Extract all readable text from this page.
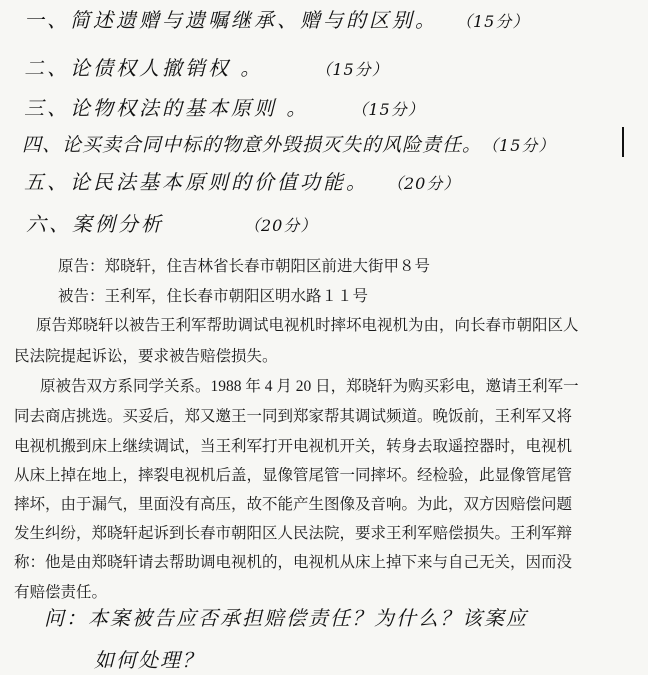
一、简述遗赠与遗嘱继承、赠与的区别。 （15分）
二、论债权人撤销权 。	（15分）
三、论物权法的基本原则 。	（15分）
四、论买卖合同中标的物意外毁损灭失的风险责任。 （15分）
五、论民法基本原则的价值功能。 （20分）
六、案例分析	（20分）
原告：郑晓轩，住吉林省长春市朝阳区前进大街甲８号
被告：王利军，住长春市朝阳区明水路１１号
原告郑晓轩以被告王利军帮助调试电视机时摔坏电视机为由，向长春市朝阳区人
民法院提起诉讼，要求被告赔偿损失。
原被告双方系同学关系。1988 年 4 月 20 日，郑晓轩为购买彩电，邀请王利军一
同去商店挑选。买妥后，郑又邀王一同到郑家帮其调试频道。晚饭前，王利军又将
电视机搬到床上继续调试，当王利军打开电视机开关，转身去取遥控器时，电视机
从床上掉在地上，摔裂电视机后盖，显像管尾管一同摔坏。经检验，此显像管尾管
摔坏，由于漏气，里面没有高压，故不能产生图像及音响。为此，双方因赔偿问题
发生纠纷，郑晓轩起诉到长春市朝阳区人民法院，要求王利军赔偿损失。王利军辩
称：他是由郑晓轩请去帮助调电视机的，电视机从床上掉下来与自己无关，因而没
有赔偿责任。
问：本案被告应否承担赔偿责任？为什么？该案应
如何处理？
